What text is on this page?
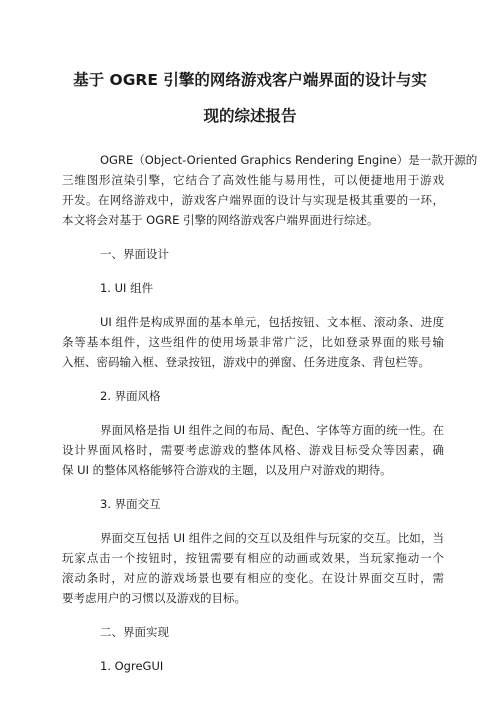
基于 OGRE 引擎的网络游戏客户端界面的设计与实
现的综述报告
OGRE（Object-Oriented Graphics Rendering Engine）是一款开源的
三维图形渲染引擎，它结合了高效性能与易用性，可以便捷地用于游戏
开发。在网络游戏中，游戏客户端界面的设计与实现是极其重要的一环，
本文将会对基于 OGRE 引擎的网络游戏客户端界面进行综述。
一、界面设计
1. UI 组件
UI 组件是构成界面的基本单元，包括按钮、文本框、滚动条、进度
条等基本组件，这些组件的使用场景非常广泛，比如登录界面的账号输
入框、密码输入框、登录按钮，游戏中的弹窗、任务进度条、背包栏等。
2. 界面风格
界面风格是指 UI 组件之间的布局、配色、字体等方面的统一性。在
设计界面风格时，需要考虑游戏的整体风格、游戏目标受众等因素，确
保 UI 的整体风格能够符合游戏的主题，以及用户对游戏的期待。
3. 界面交互
界面交互包括 UI 组件之间的交互以及组件与玩家的交互。比如，当
玩家点击一个按钮时，按钮需要有相应的动画或效果，当玩家拖动一个
滚动条时，对应的游戏场景也要有相应的变化。在设计界面交互时，需
要考虑用户的习惯以及游戏的目标。
二、界面实现
1. OgreGUI
